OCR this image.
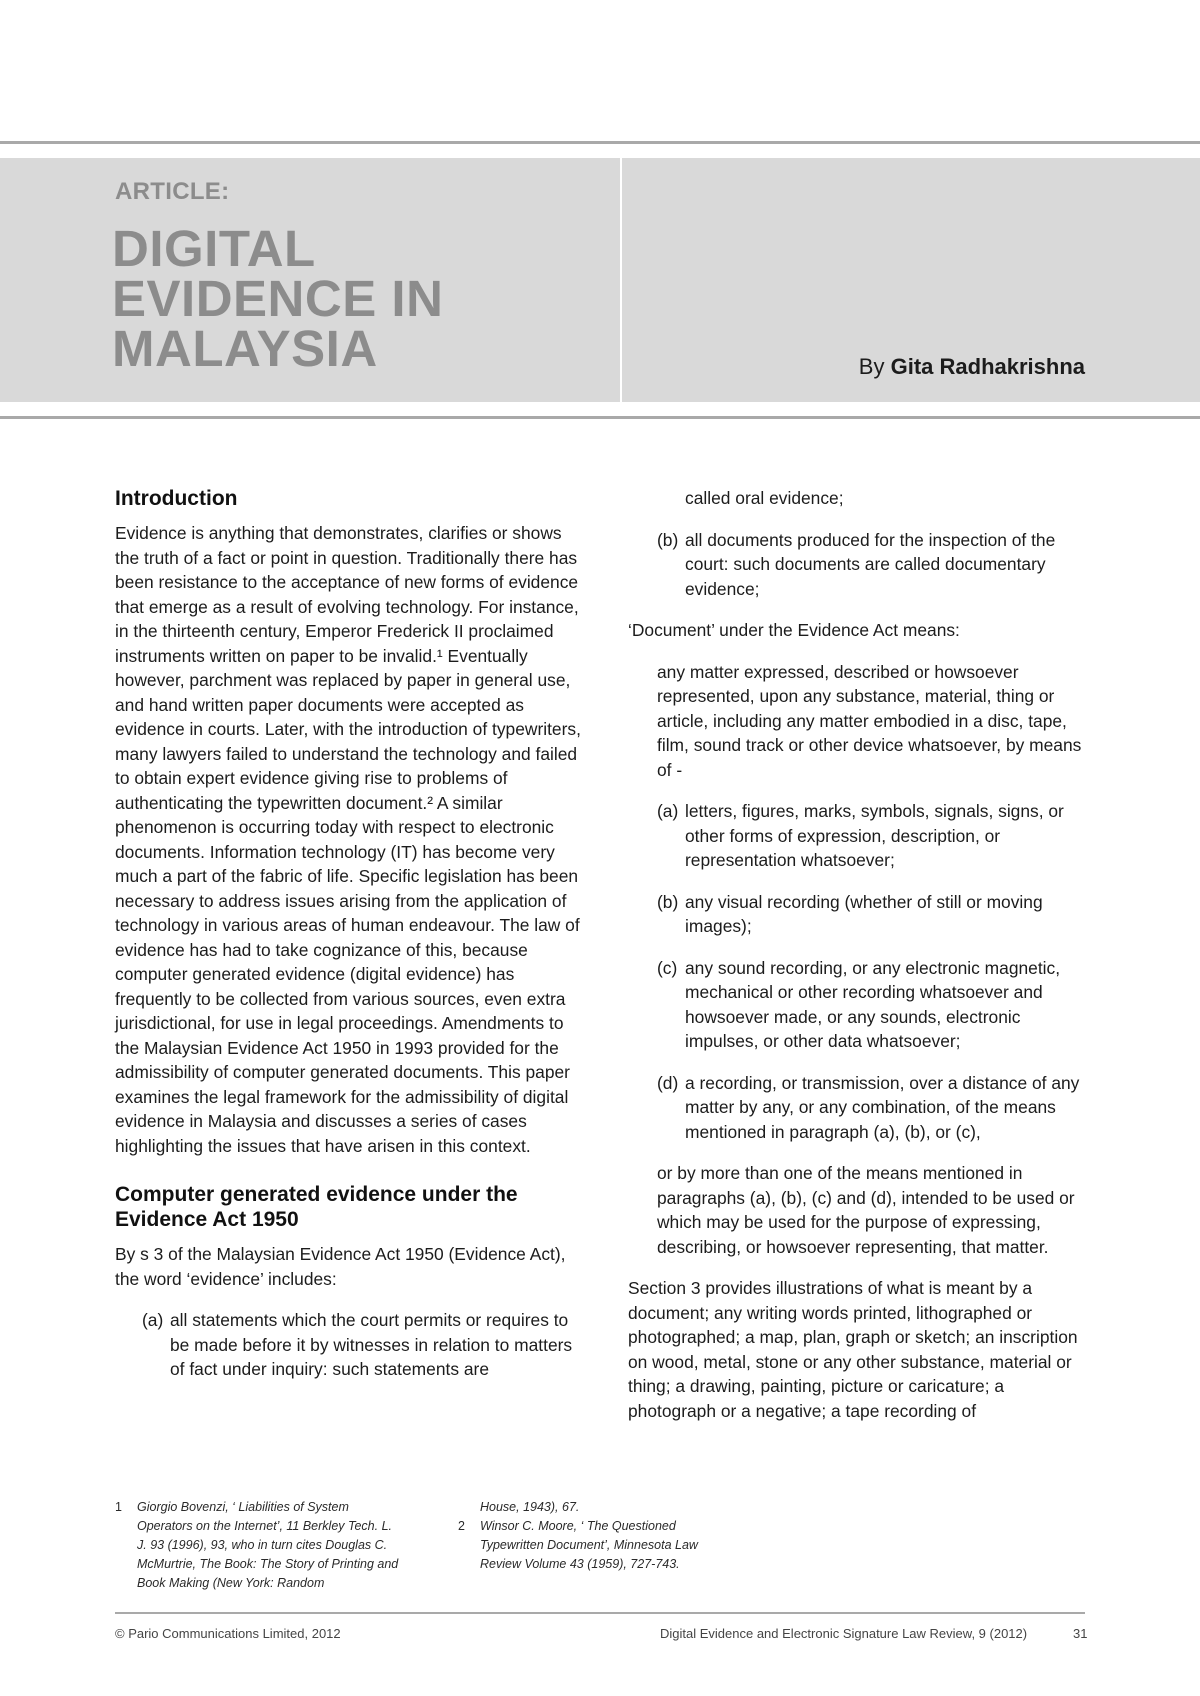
ARTICLE:
DIGITAL
EVIDENCE IN
MALAYSIA	By Gita Radhakrishna
Introduction

Evidence is anything that demonstrates, clarifies or shows the truth of a fact or point in question. Traditionally there has been resistance to the acceptance of new forms of evidence that emerge as a result of evolving technology. For instance, in the thirteenth century, Emperor Frederick II proclaimed instruments written on paper to be invalid.¹ Eventually however, parchment was replaced by paper in general use, and hand written paper documents were accepted as evidence in courts. Later, with the introduction of typewriters, many lawyers failed to understand the technology and failed to obtain expert evidence giving rise to problems of authenticating the typewritten document.² A similar phenomenon is occurring today with respect to electronic documents. Information technology (IT) has become very much a part of the fabric of life. Specific legislation has been necessary to address issues arising from the application of technology in various areas of human endeavour. The law of evidence has had to take cognizance of this, because computer generated evidence (digital evidence) has frequently to be collected from various sources, even extra jurisdictional, for use in legal proceedings. Amendments to the Malaysian Evidence Act 1950 in 1993 provided for the admissibility of computer generated documents. This paper examines the legal framework for the admissibility of digital evidence in Malaysia and discusses a series of cases highlighting the issues that have arisen in this context.

Computer generated evidence under the Evidence Act 1950

By s 3 of the Malaysian Evidence Act 1950 (Evidence Act), the word ‘evidence’ includes:

(a) all statements which the court permits or requires to be made before it by witnesses in relation to matters of fact under inquiry: such statements are
called oral evidence;
(b) all documents produced for the inspection of the court: such documents are called documentary evidence;

‘Document’ under the Evidence Act means:

any matter expressed, described or howsoever represented, upon any substance, material, thing or article, including any matter embodied in a disc, tape, film, sound track or other device whatsoever, by means of -

(a) letters, figures, marks, symbols, signals, signs, or other forms of expression, description, or representation whatsoever;
(b) any visual recording (whether of still or moving images);
(c) any sound recording, or any electronic magnetic, mechanical or other recording whatsoever and howsoever made, or any sounds, electronic impulses, or other data whatsoever;
(d) a recording, or transmission, over a distance of any matter by any, or any combination, of the means mentioned in paragraph (a), (b), or (c),

or by more than one of the means mentioned in paragraphs (a), (b), (c) and (d), intended to be used or which may be used for the purpose of expressing, describing, or howsoever representing, that matter.

Section 3 provides illustrations of what is meant by a document; any writing words printed, lithographed or photographed; a map, plan, graph or sketch; an inscription on wood, metal, stone or any other substance, material or thing; a drawing, painting, picture or caricature; a photograph or a negative; a tape recording of

1 Giorgio Bovenzi, ‘ Liabilities of System Operators on the Internet’, 11 Berkley Tech. L. J. 93 (1996), 93, who in turn cites Douglas C. McMurtrie, The Book: The Story of Printing and Book Making (New York: Random
House, 1943), 67.
2 Winsor C. Moore, ‘ The Questioned Typewritten Document’, Minnesota Law Review Volume 43 (1959), 727-743.
© Pario Communications Limited, 2012	Digital Evidence and Electronic Signature Law Review, 9 (2012)	31
